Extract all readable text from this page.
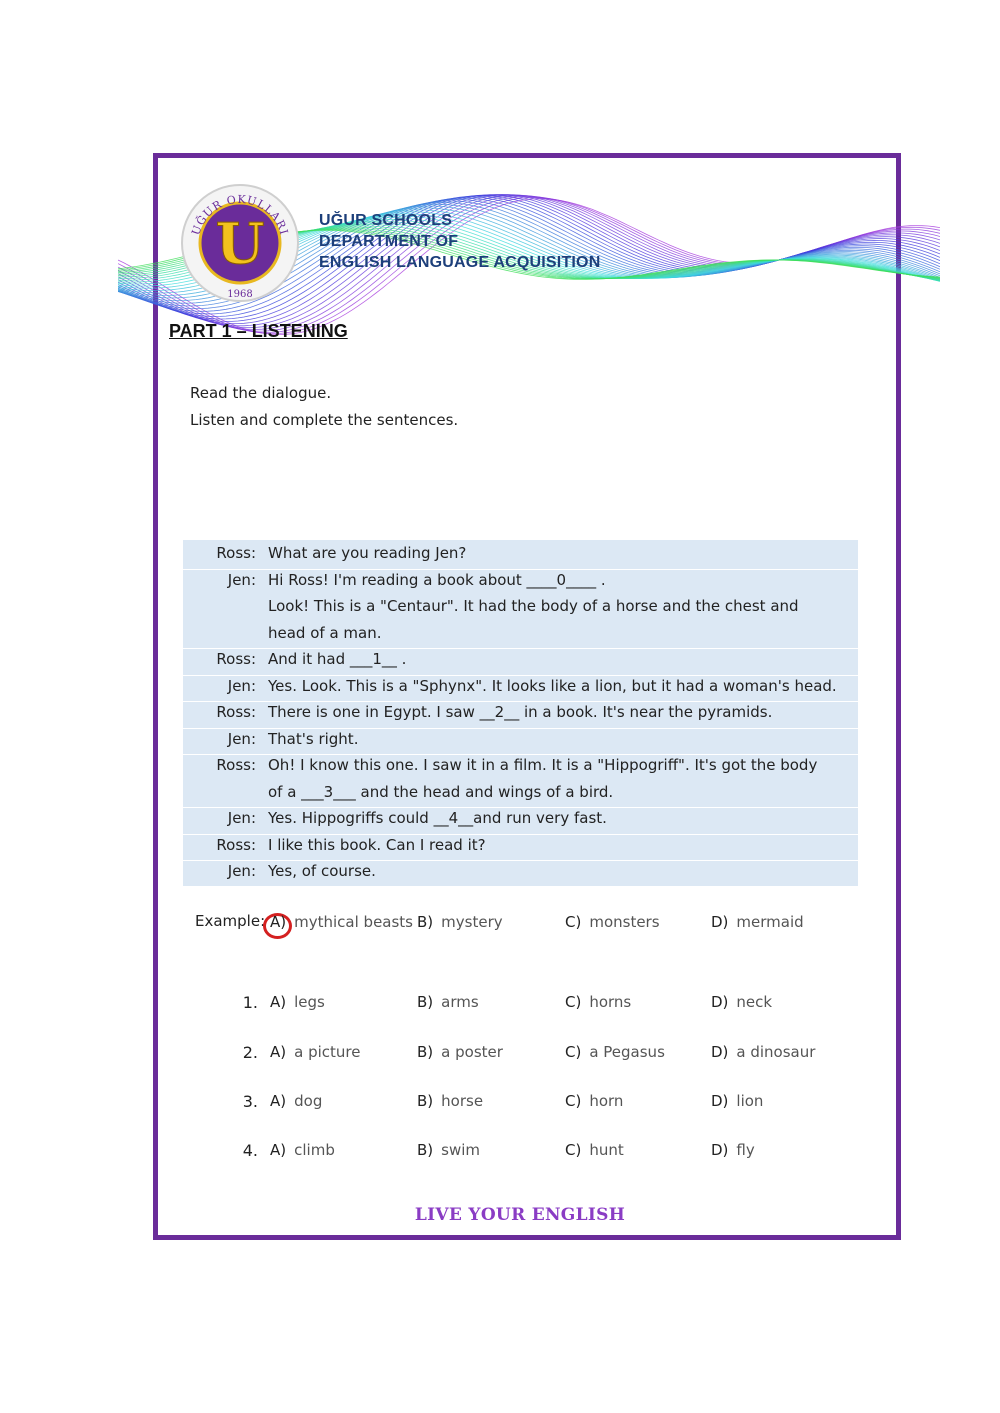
UĞUR OKULLARI
U
1968
UĞUR SCHOOLS
DEPARTMENT OF
ENGLISH LANGUAGE ACQUISITION
PART 1 – LISTENING
Read the dialogue.
Listen and complete the sentences.
Ross: What are you reading Jen?
Jen: Hi Ross! I'm reading a book about ____0____ .
Look! This is a "Centaur". It had the body of a horse and the chest and
head of a man.
Ross: And it had ___1__ .
Jen: Yes. Look. This is a "Sphynx". It looks like a lion, but it had a woman's head.
Ross: There is one in Egypt. I saw __2__ in a book. It's near the pyramids.
Jen: That's right.
Ross: Oh! I know this one. I saw it in a film. It is a "Hippogriff". It's got the body
of a ___3___ and the head and wings of a bird.
Jen: Yes. Hippogriffs could __4__and run very fast.
Ross: I like this book. Can I read it?
Jen: Yes, of course.
Example: A) mythical beasts B) mystery	C) monsters	D) mermaid
1. A) legs	B) arms	C) horns	D) neck
2. A) a picture	B) a poster	C) a Pegasus	D) a dinosaur
3. A) dog	B) horse	C) horn	D) lion
4. A) climb	B) swim	C) hunt	D) fly
LIVE YOUR ENGLISH
